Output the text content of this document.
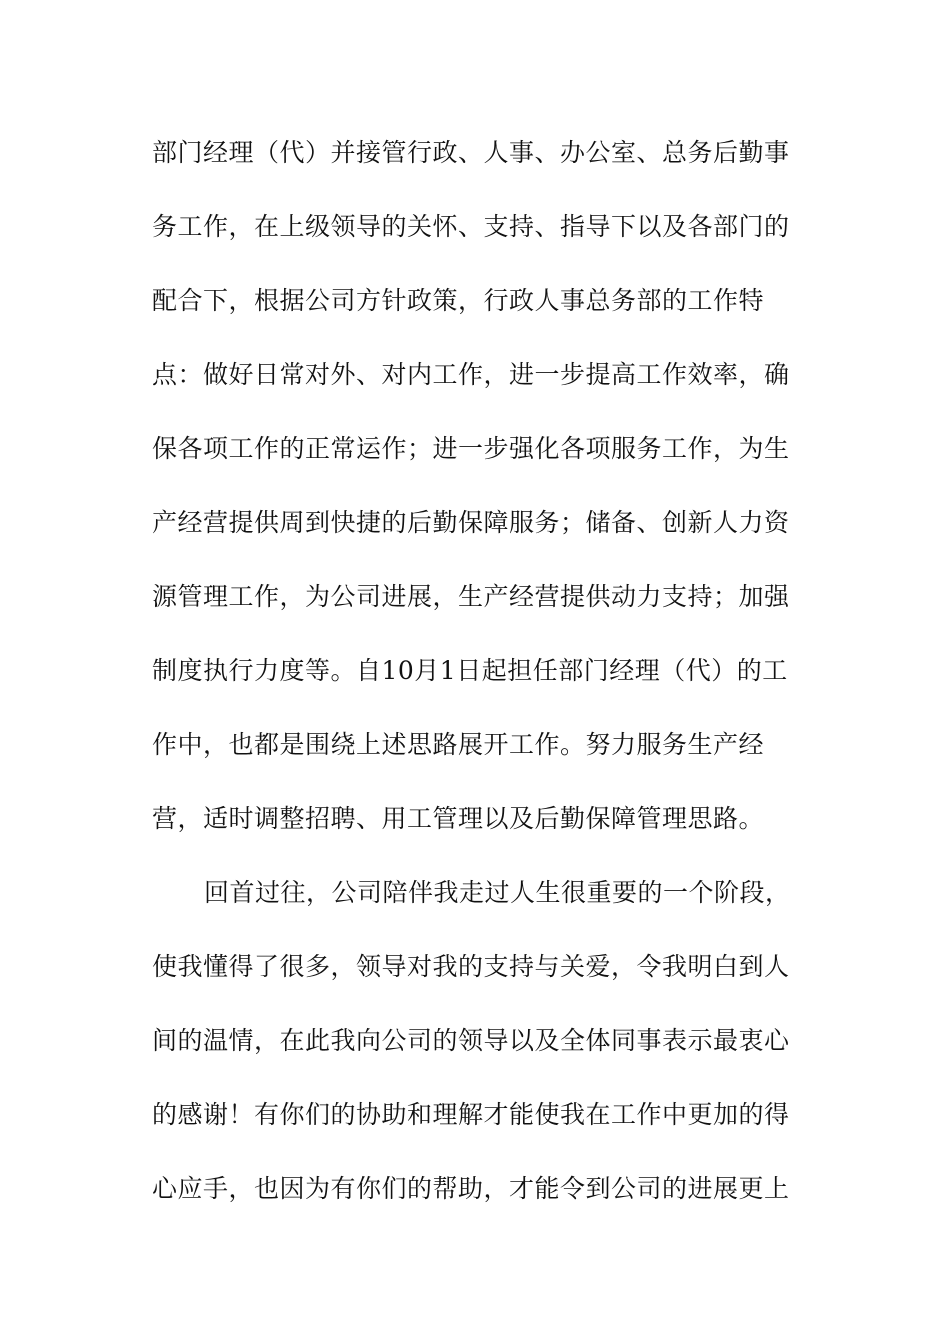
部门经理（代）并接管行政、人事、办公室、总务后勤事
务工作，在上级领导的关怀、支持、指导下以及各部门的
配合下，根据公司方针政策，行政人事总务部的工作特
点：做好日常对外、对内工作，进一步提高工作效率，确
保各项工作的正常运作；进一步强化各项服务工作，为生
产经营提供周到快捷的后勤保障服务；储备、创新人力资
源管理工作，为公司进展，生产经营提供动力支持；加强
制度执行力度等。自10月1日起担任部门经理（代）的工
作中，也都是围绕上述思路展开工作。努力服务生产经
营，适时调整招聘、用工管理以及后勤保障管理思路。
回首过往，公司陪伴我走过人生很重要的一个阶段，
使我懂得了很多，领导对我的支持与关爱，令我明白到人
间的温情，在此我向公司的领导以及全体同事表示最衷心
的感谢！有你们的协助和理解才能使我在工作中更加的得
心应手，也因为有你们的帮助，才能令到公司的进展更上
